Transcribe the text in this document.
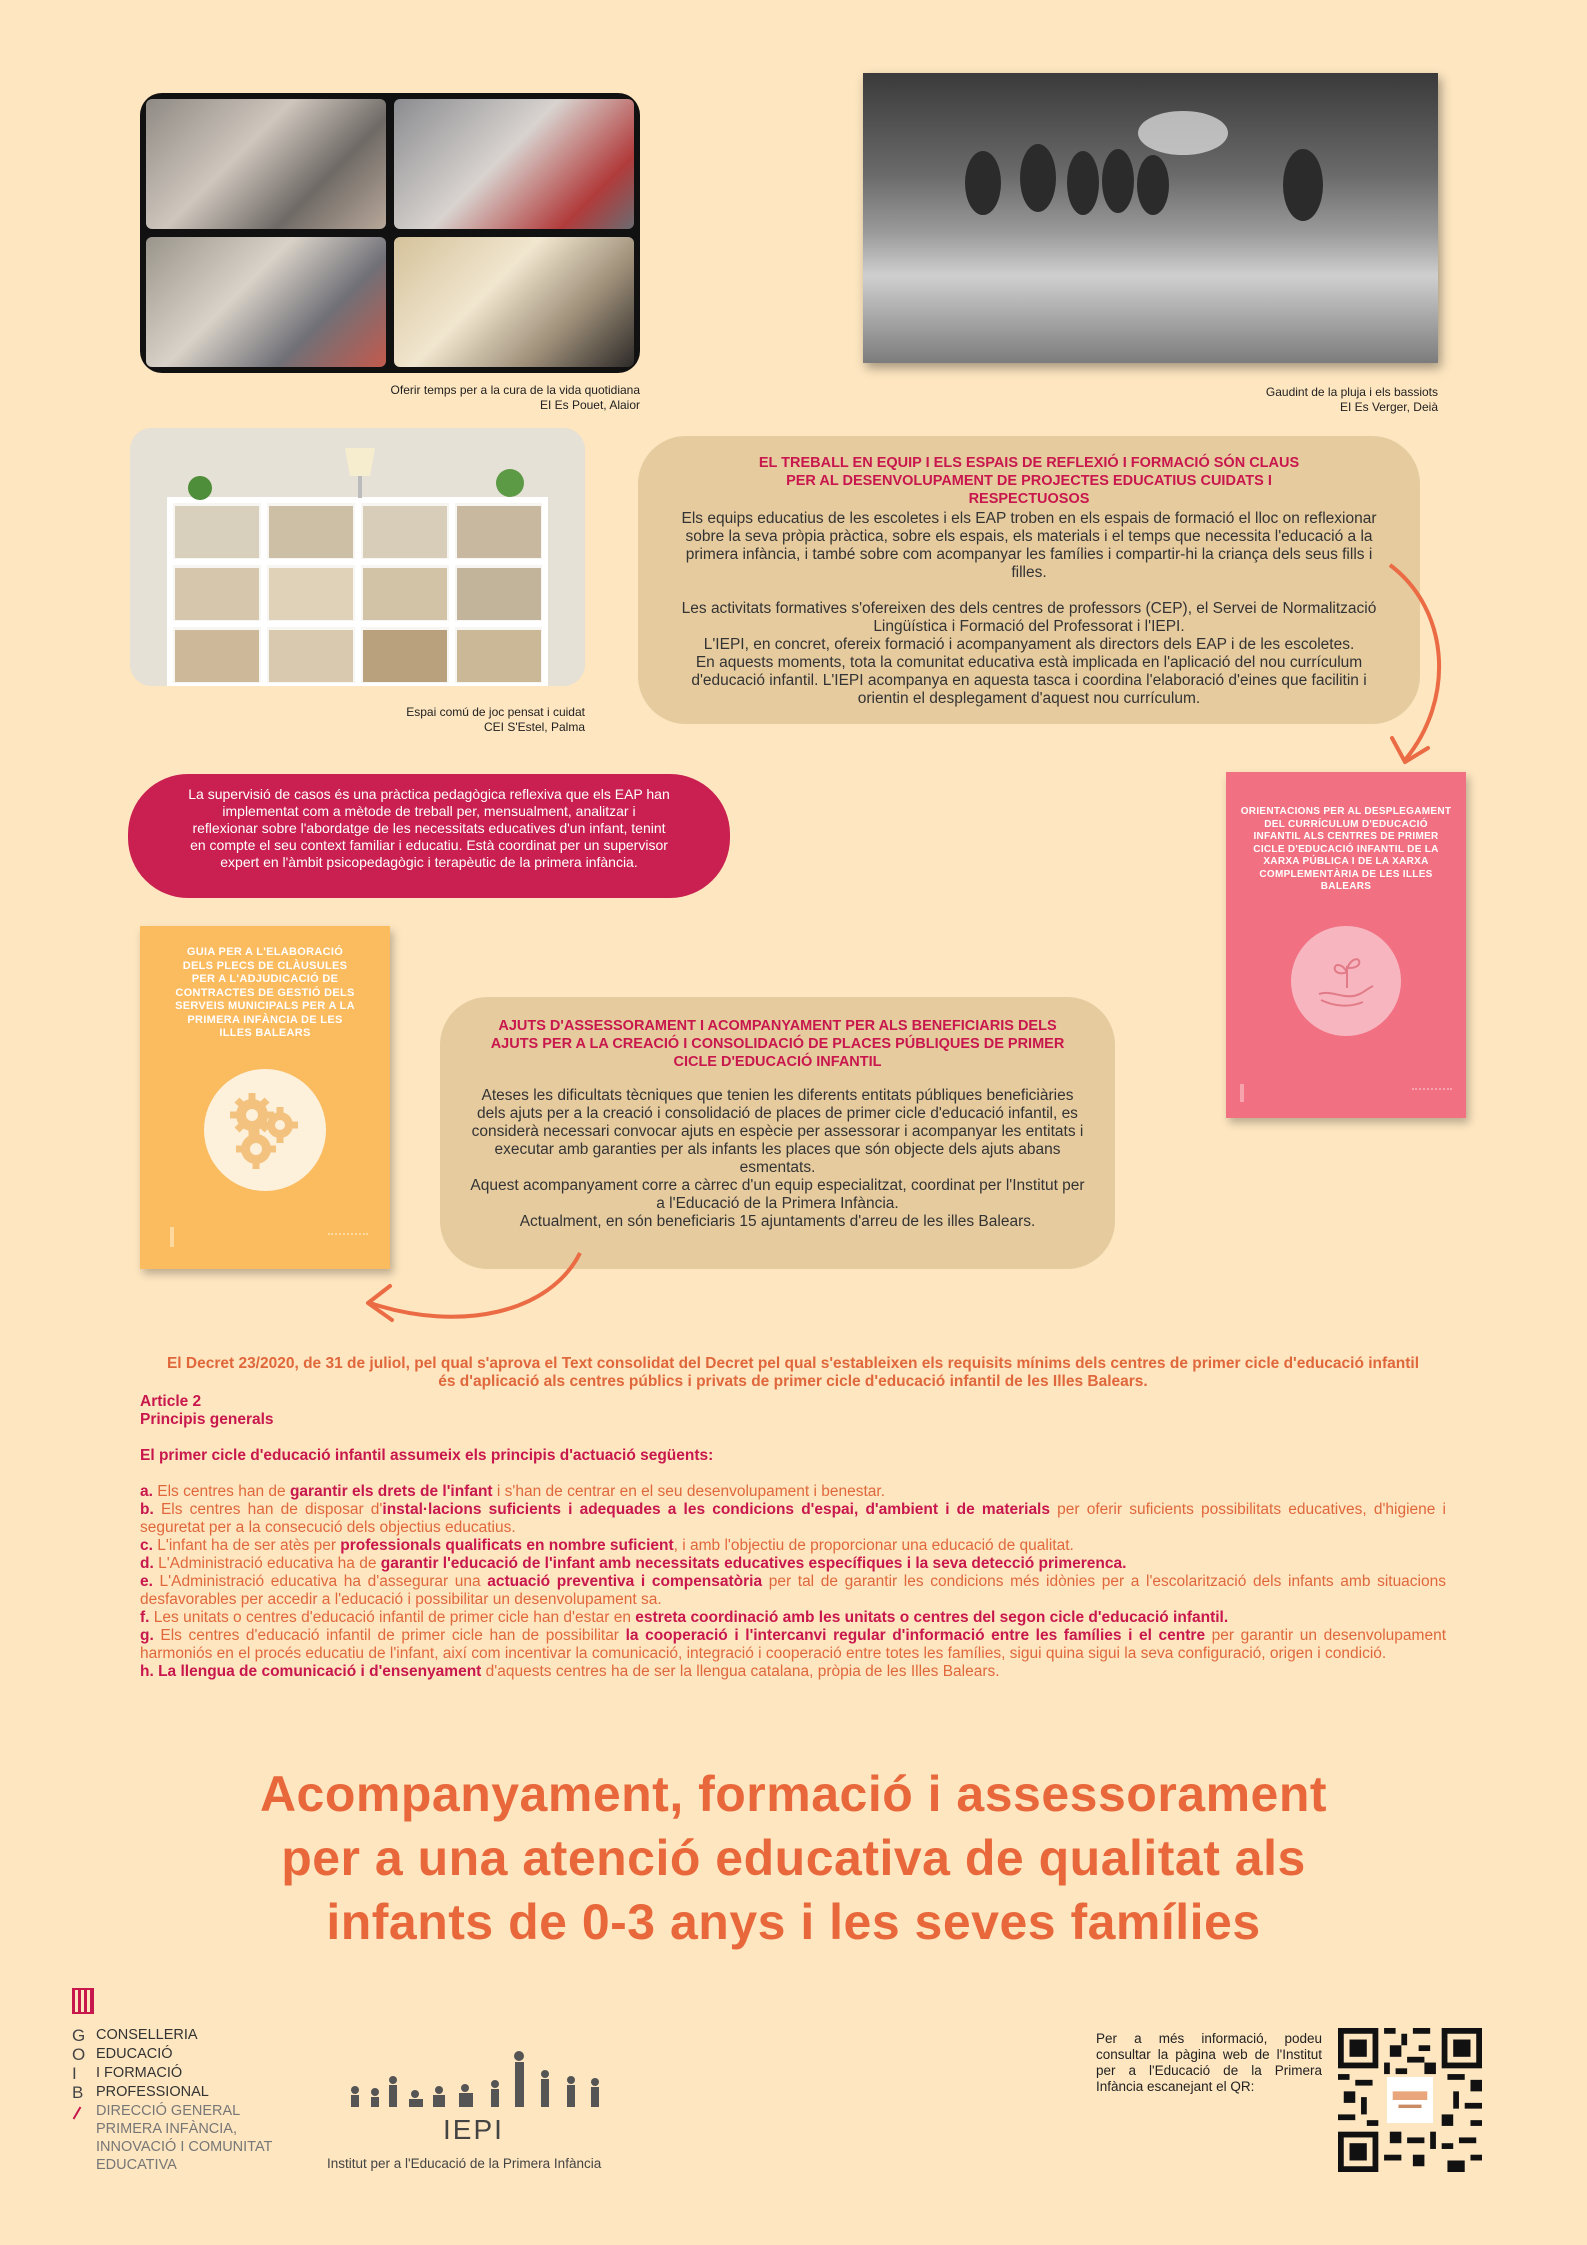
Oferir temps per a la cura de la vida quotidiana
EI Es Pouet, Alaior
Gaudint de la pluja i els bassiots
EI Es Verger, Deià
Espai comú de joc pensat i cuidat
CEI S'Estel, Palma
EL TREBALL EN EQUIP I ELS ESPAIS DE REFLEXIÓ I FORMACIÓ SÓN CLAUS PER AL DESENVOLUPAMENT DE PROJECTES EDUCATIUS CUIDATS I RESPECTUOSOS
Els equips educatius de les escoletes i els EAP troben en els espais de formació el lloc on reflexionar sobre la seva pròpia pràctica, sobre els espais, els materials i el temps que necessita l'educació a la primera infància, i també sobre com acompanyar les famílies i compartir-hi la criança dels seus fills i filles.
Les activitats formatives s'ofereixen des dels centres de professors (CEP), el Servei de Normalització Lingüística i Formació del Professorat i l'IEPI.
L'IEPI, en concret, ofereix formació i acompanyament als directors dels EAP i de les escoletes.
En aquests moments, tota la comunitat educativa està implicada en l'aplicació del nou currículum d'educació infantil. L'IEPI acompanya en aquesta tasca i coordina l'elaboració d'eines que facilitin i orientin el desplegament d'aquest nou currículum.
La supervisió de casos és una pràctica pedagògica reflexiva que els EAP han implementat com a mètode de treball per, mensualment, analitzar i reflexionar sobre l'abordatge de les necessitats educatives d'un infant, tenint en compte el seu context familiar i educatiu. Està coordinat per un supervisor expert en l'àmbit psicopedagògic i terapèutic de la primera infància.
ORIENTACIONS PER AL DESPLEGAMENT DEL CURRÍCULUM D'EDUCACIÓ INFANTIL ALS CENTRES DE PRIMER CICLE D'EDUCACIÓ INFANTIL DE LA XARXA PÚBLICA I DE LA XARXA COMPLEMENTÀRIA DE LES ILLES BALEARS
GUIA PER A L'ELABORACIÓ DELS PLECS DE CLÀUSULES PER A L'ADJUDICACIÓ DE CONTRACTES DE GESTIÓ DELS SERVEIS MUNICIPALS PER A LA PRIMERA INFÀNCIA DE LES ILLES BALEARS	AJUTS D'ASSESSORAMENT I ACOMPANYAMENT PER ALS BENEFICIARIS DELS AJUTS PER A LA CREACIÓ I CONSOLIDACIÓ DE PLACES PÚBLIQUES DE PRIMER CICLE D'EDUCACIÓ INFANTIL
Ateses les dificultats tècniques que tenien les diferents entitats públiques beneficiàries dels ajuts per a la creació i consolidació de places de primer cicle d'educació infantil, es considerà necessari convocar ajuts en espècie per assessorar i acompanyar les entitats i executar amb garanties per als infants les places que són objecte dels ajuts abans esmentats.
Aquest acompanyament corre a càrrec d'un equip especialitzat, coordinat per l'Institut per a l'Educació de la Primera Infància.
Actualment, en són beneficiaris 15 ajuntaments d'arreu de les illes Balears.
El Decret 23/2020, de 31 de juliol, pel qual s'aprova el Text consolidat del Decret pel qual s'estableixen els requisits mínims dels centres de primer cicle d'educació infantil és d'aplicació als centres públics i privats de primer cicle d'educació infantil de les Illes Balears.
Article 2
Principis generals
El primer cicle d'educació infantil assumeix els principis d'actuació següents:
a. Els centres han de garantir els drets de l'infant i s'han de centrar en el seu desenvolupament i benestar.
b. Els centres han de disposar d'instal·lacions suficients i adequades a les condicions d'espai, d'ambient i de materials per oferir suficients possibilitats educatives, d'higiene i seguretat per a la consecució dels objectius educatius.
c. L'infant ha de ser atès per professionals qualificats en nombre suficient, i amb l'objectiu de proporcionar una educació de qualitat.
d. L'Administració educativa ha de garantir l'educació de l'infant amb necessitats educatives específiques i la seva detecció primerenca.
e. L'Administració educativa ha d'assegurar una actuació preventiva i compensatòria per tal de garantir les condicions més idònies per a l'escolarització dels infants amb situacions desfavorables per accedir a l'educació i possibilitar un desenvolupament sa.
f. Les unitats o centres d'educació infantil de primer cicle han d'estar en estreta coordinació amb les unitats o centres del segon cicle d'educació infantil.
g. Els centres d'educació infantil de primer cicle han de possibilitar la cooperació i l'intercanvi regular d'informació entre les famílies i el centre per garantir un desenvolupament harmoniós en el procés educatiu de l'infant, així com incentivar la comunicació, integració i cooperació entre totes les famílies, sigui quina sigui la seva configuració, origen i condició.
h. La llengua de comunicació i d'ensenyament d'aquests centres ha de ser la llengua catalana, pròpia de les Illes Balears.
Acompanyament, formació i assessorament
per a una atenció educativa de qualitat als
infants de 0-3 anys i les seves famílies
G
O
I
B
CONSELLERIA
EDUCACIÓ
I FORMACIÓ
PROFESSIONAL
DIRECCIÓ GENERAL
PRIMERA INFÀNCIA,
INNOVACIÓ I COMUNITAT
EDUCATIVA
IEPI
Institut per a l'Educació de la Primera Infància
Per a més informació, podeu consultar la pàgina web de l'Institut per a l'Educació de la Primera Infància escanejant el QR:
